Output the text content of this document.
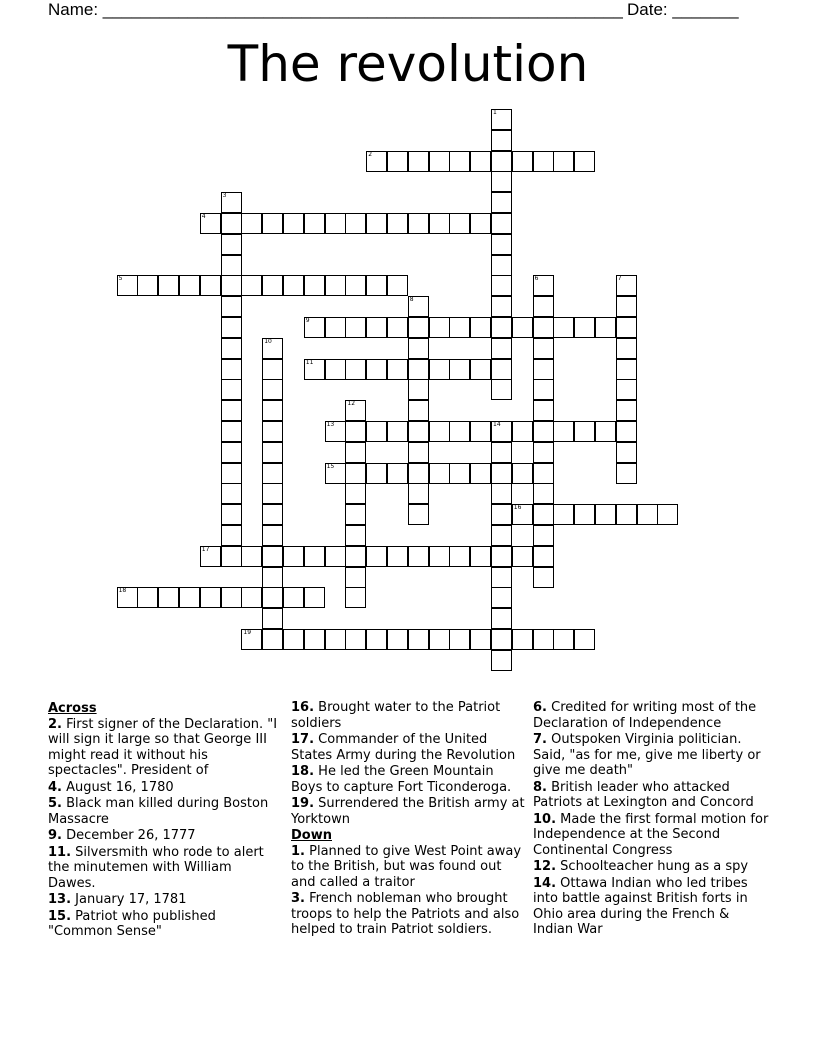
Name: _______________________________________________________ Date: _______
The revolution
1
2
3
4
5	6	7
8
9
10
11
12
13	14
15
16
17
18
19
Across
2. First signer of the Declaration. "I will sign it large so that George III might read it without his spectacles". President of
4. August 16, 1780
5. Black man killed during Boston Massacre
9. December 26, 1777
11. Silversmith who rode to alert the minutemen with William Dawes.
13. January 17, 1781
15. Patriot who published "Common Sense"
16. Brought water to the Patriot soldiers
17. Commander of the United States Army during the Revolution
18. He led the Green Mountain Boys to capture Fort Ticonderoga.
19. Surrendered the British army at Yorktown
Down
1. Planned to give West Point away to the British, but was found out and called a traitor
3. French nobleman who brought troops to help the Patriots and also helped to train Patriot soldiers.
6. Credited for writing most of the Declaration of Independence
7. Outspoken Virginia politician. Said, "as for me, give me liberty or give me death"
8. British leader who attacked Patriots at Lexington and Concord
10. Made the first formal motion for Independence at the Second Continental Congress
12. Schoolteacher hung as a spy
14. Ottawa Indian who led tribes into battle against British forts in Ohio area during the French & Indian War
